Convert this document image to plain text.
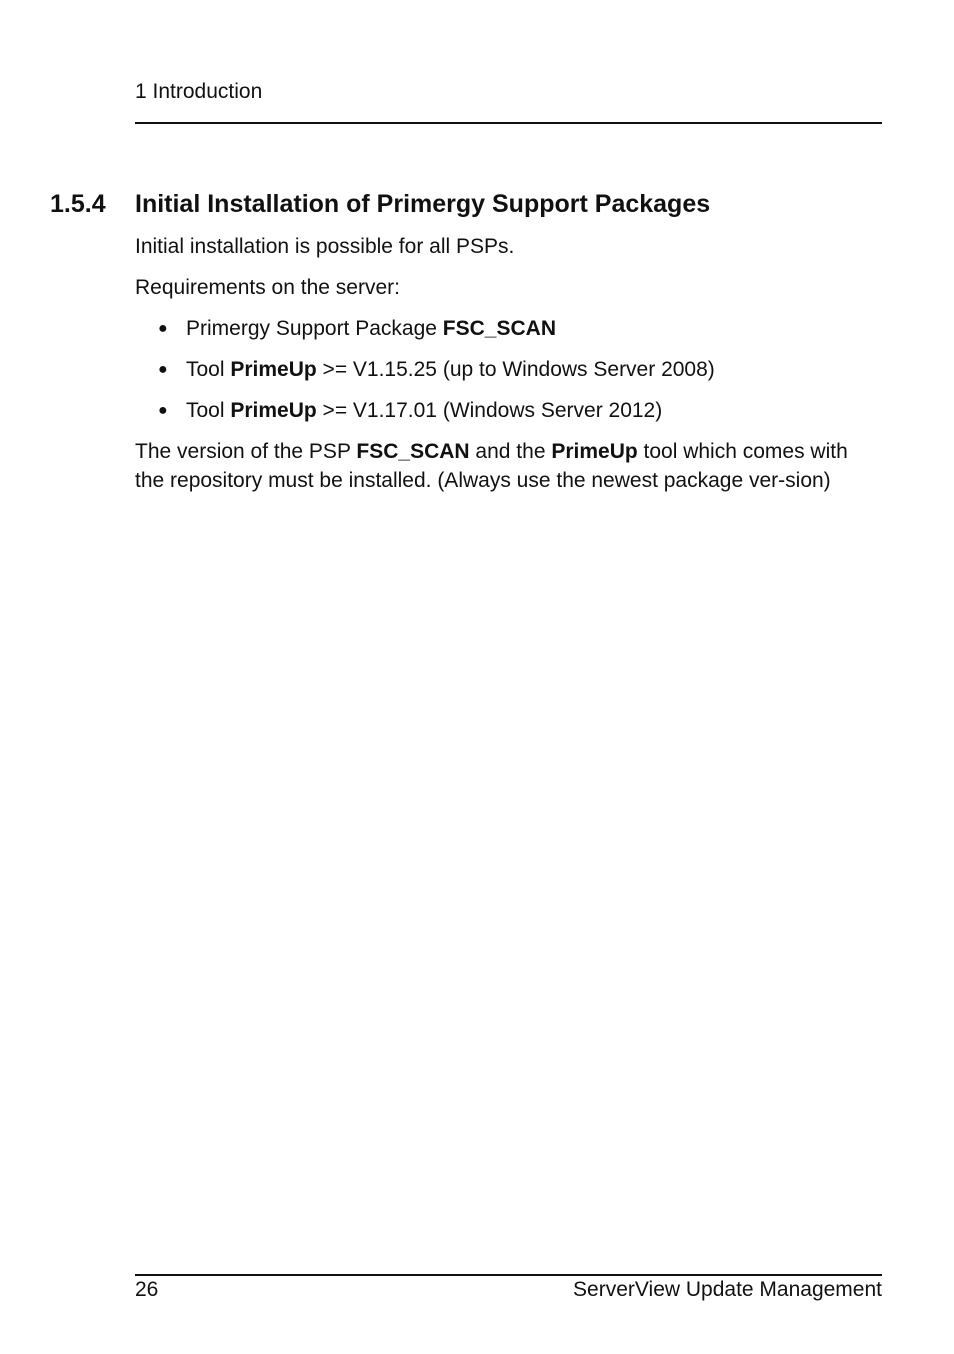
1 Introduction
1.5.4	Initial Installation of Primergy Support Packages

Initial installation is possible for all PSPs.

Requirements on the server:

● Primergy Support Package FSC_SCAN
● Tool PrimeUp >= V1.15.25 (up to Windows Server 2008)
● Tool PrimeUp >= V1.17.01 (Windows Server 2012)

The version of the PSP FSC_SCAN and the PrimeUp tool which comes with the repository must be installed. (Always use the newest package ver-sion)

26	ServerView Update Management
